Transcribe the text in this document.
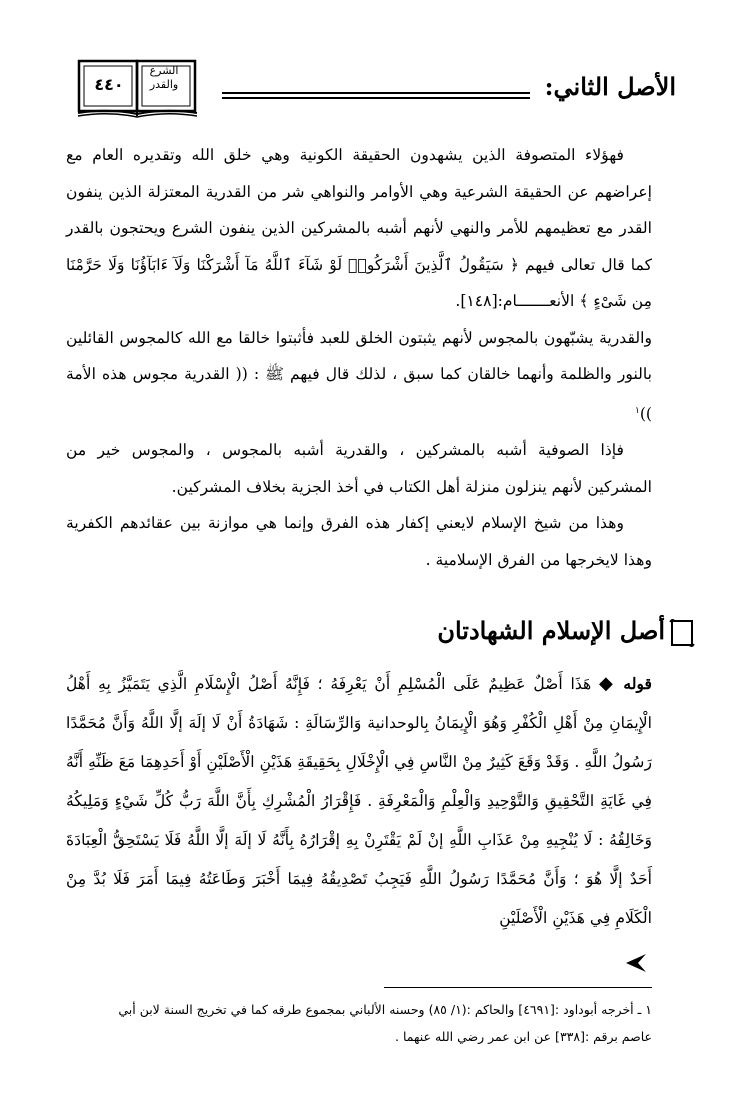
٤٤٠
الشرع
والقدر	الأصل الثاني:

فهؤلاء المتصوفة الذين يشهدون الحقيقة الكونية وهي خلق الله وتقديره العام مع إعراضهم عن الحقيقة الشرعية وهي الأوامر والنواهي شر من القدرية المعتزلة الذين ينفون القدر مع تعظيمهم للأمر والنهي لأنهم أشبه بالمشركين الذين ينفون الشرع ويحتجون بالقدر كما قال تعالى فيهم ﴿ سَيَقُولُ ٱلَّذِينَ أَشْرَكُوا۟ لَوْ شَآءَ ٱللَّهُ مَآ أَشْرَكْنَا وَلَآ ءَابَآؤُنَا وَلَا حَرَّمْنَا مِن شَىْءٍ ﴾ الأنعـــــــام:[١٤٨].

والقدرية يشبّهون بالمجوس لأنهم يثبتون الخلق للعبد فأثبتوا خالقا مع الله كالمجوس القائلين بالنور والظلمة وأنهما خالقان كما سبق ، لذلك قال فيهم ﷺ : (( القدرية مجوس هذه الأمة ))$^١$

فإذا الصوفية أشبه بالمشركين ، والقدرية أشبه بالمجوس ، والمجوس خير من المشركين لأنهم ينزلون منزلة أهل الكتاب في أخذ الجزية بخلاف المشركين.

وهذا من شيخ الإسلام لايعني إكفار هذه الفرق وإنما هي موازنة بين عقائدهم الكفرية وهذا لايخرجها من الفرق الإسلامية .

أصل الإسلام الشهادتان

قوله ◆ هَذَا أَصْلٌ عَظِيمٌ عَلَى الْمُسْلِمِ أَنْ يَعْرِفَهُ ؛ فَإِنَّهُ أَصْلُ الْإِسْلَامِ الَّذِي يَتَمَيَّزُ بِهِ أَهْلُ الْإِيمَانِ مِنْ أَهْلِ الْكُفْرِ وَهُوَ الْإِيمَانُ بِالوحدانية وَالرِّسَالَةِ : شَهَادَةُ أَنْ لَا إلَهَ إلَّا اللَّهُ وَأَنَّ مُحَمَّدًا رَسُولُ اللَّهِ . وَقَدْ وَقَعَ كَثِيرٌ مِنْ النَّاسِ فِي الْإِخْلَالِ بِحَقِيقَةِ هَذَيْنِ الْأَصْلَيْنِ أَوْ أَحَدِهِمَا مَعَ ظَنِّهِ أَنَّهُ فِي غَايَةِ التَّحْقِيقِ وَالتَّوْحِيدِ وَالْعِلْمِ وَالْمَعْرِفَةِ . فَإِقْرَارُ الْمُشْرِكِ بِأَنَّ اللَّهَ رَبُّ كُلِّ شَيْءٍ وَمَلِيكُهُ وَخَالِقُهُ : لَا يُنْجِيهِ مِنْ عَذَابِ اللَّهِ إنْ لَمْ يَقْتَرِنْ بِهِ إقْرَارُهُ بِأَنَّهُ لَا إلَهَ إلَّا اللَّهُ فَلَا يَسْتَحِقُّ الْعِبَادَةَ أَحَدٌ إلَّا هُوَ ؛ وَأَنَّ مُحَمَّدًا رَسُولُ اللَّهِ فَيَجِبُ تَصْدِيقُهُ فِيمَا أَخْبَرَ وَطَاعَتُهُ فِيمَا أَمَرَ فَلَا بُدَّ مِنْ الْكَلَامِ فِي هَذَيْنِ الْأَصْلَيْنِ

١ ـ أخرجه أبوداود :[٤٦٩١] والحاكم :(١/ ٨٥) وحسنه الألباني بمجموع طرقه كما في تخريج السنة لابن أبي

عاصم برقم :[٣٣٨] عن ابن عمر رضي الله عنهما .
